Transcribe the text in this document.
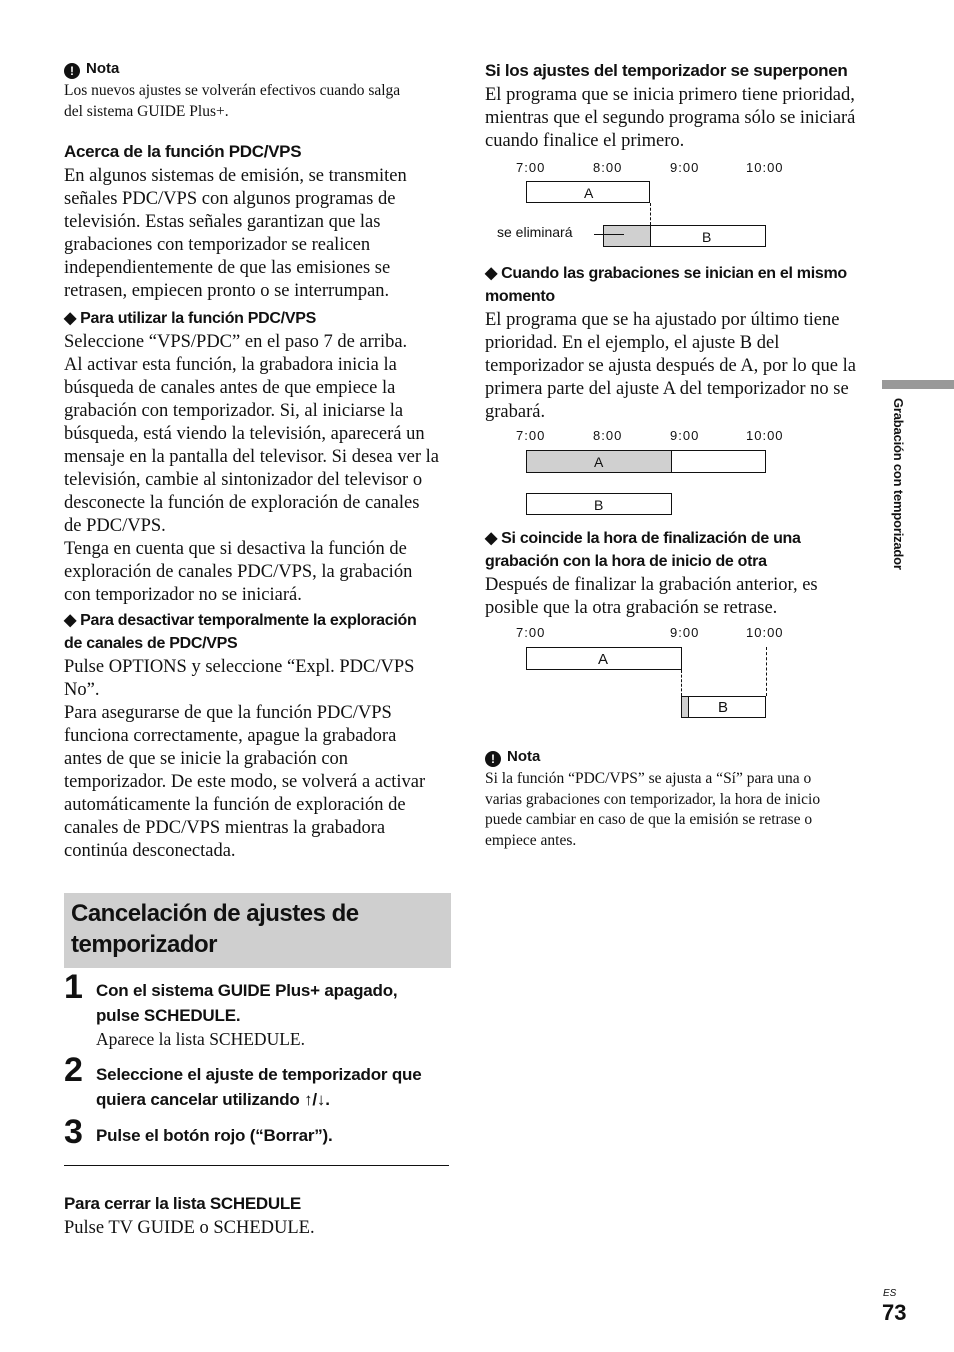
! Nota
Los nuevos ajustes se volverán efectivos cuando salga
del sistema GUIDE Plus+.
Acerca de la función PDC/VPS
En algunos sistemas de emisión, se transmiten
señales PDC/VPS con algunos programas de
televisión. Estas señales garantizan que las
grabaciones con temporizador se realicen
independientemente de que las emisiones se
retrasen, empiecen pronto o se interrumpan.
◆ Para utilizar la función PDC/VPS
Seleccione “VPS/PDC” en el paso 7 de arriba.
Al activar esta función, la grabadora inicia la
búsqueda de canales antes de que empiece la
grabación con temporizador. Si, al iniciarse la
búsqueda, está viendo la televisión, aparecerá un
mensaje en la pantalla del televisor. Si desea ver la
televisión, cambie al sintonizador del televisor o
desconecte la función de exploración de canales
de PDC/VPS.
Tenga en cuenta que si desactiva la función de
exploración de canales PDC/VPS, la grabación
con temporizador no se iniciará.
◆ Para desactivar temporalmente la exploración
de canales de PDC/VPS
Pulse OPTIONS y seleccione “Expl. PDC/VPS
No”.
Para asegurarse de que la función PDC/VPS
funciona correctamente, apague la grabadora
antes de que se inicie la grabación con
temporizador. De este modo, se volverá a activar
automáticamente la función de exploración de
canales de PDC/VPS mientras la grabadora
continúa desconectada.
Cancelación de ajustes de
temporizador
1 Con el sistema GUIDE Plus+ apagado,
pulse SCHEDULE.
Aparece la lista SCHEDULE.
2 Seleccione el ajuste de temporizador que
quiera cancelar utilizando ↑/↓.
3 Pulse el botón rojo (“Borrar”).
Para cerrar la lista SCHEDULE
Pulse TV GUIDE o SCHEDULE.
Si los ajustes del temporizador se superponen
El programa que se inicia primero tiene prioridad,
mientras que el segundo programa sólo se iniciará
cuando finalice el primero.
7:00	8:00	9:00	10:00
A
B
se eliminará
◆ Cuando las grabaciones se inician en el mismo
momento
El programa que se ha ajustado por último tiene
prioridad. En el ejemplo, el ajuste B del
temporizador se ajusta después de A, por lo que la
primera parte del ajuste A del temporizador no se
grabará.
7:00	8:00	9:00	10:00
A
B
◆ Si coincide la hora de finalización de una
grabación con la hora de inicio de otra
Después de finalizar la grabación anterior, es
posible que la otra grabación se retrase.
7:00	9:00	10:00
A
B
! Nota
Si la función “PDC/VPS” se ajusta a “Sí” para una o
varias grabaciones con temporizador, la hora de inicio
puede cambiar en caso de que la emisión se retrase o
empiece antes.
Grabación con temporizador
ES
73
